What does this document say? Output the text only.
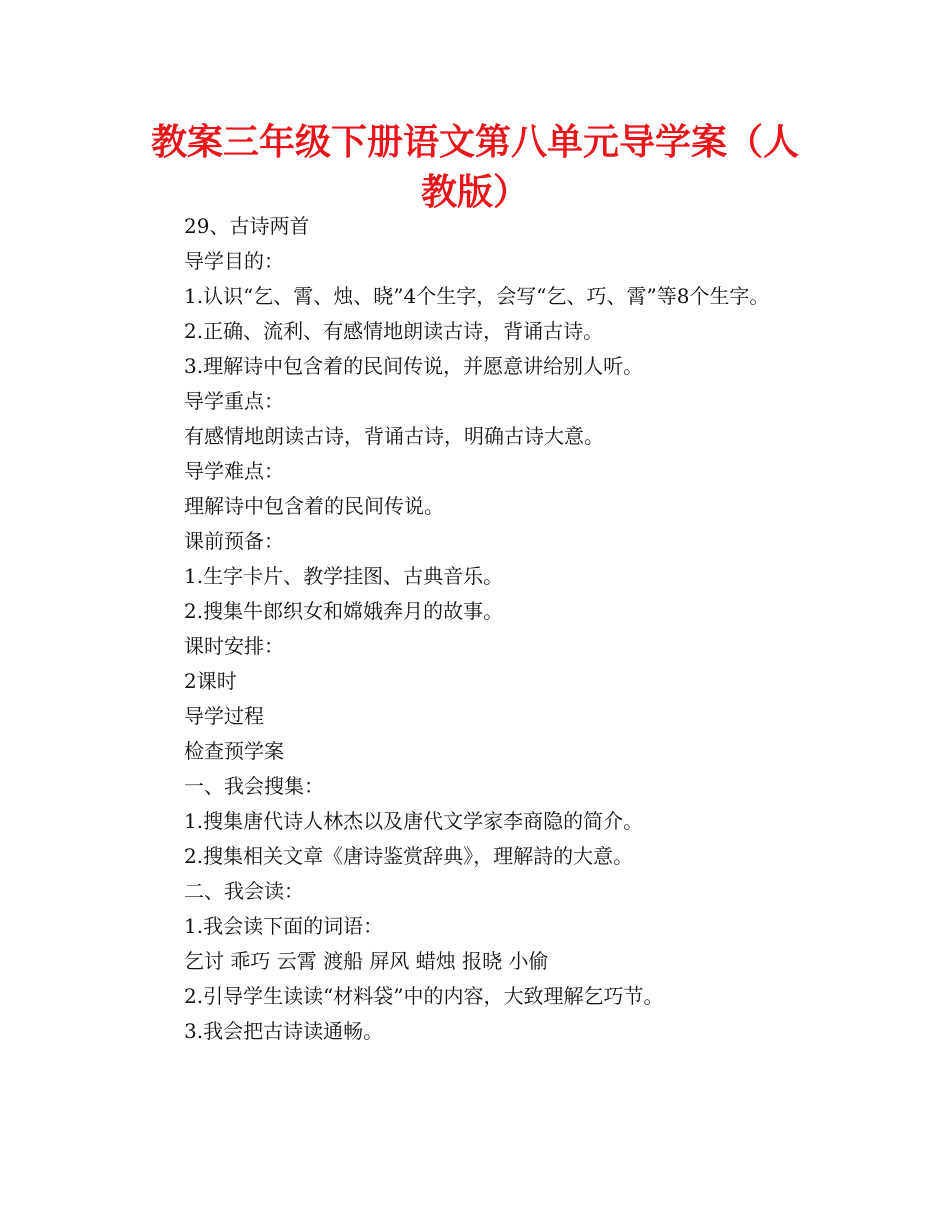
教案三年级下册语文第八单元导学案（人教版）
29、古诗两首
导学目的：
1.认识“乞、霄、烛、晓”4个生字，会写“乞、巧、霄”等8个生字。
2.正确、流利、有感情地朗读古诗，背诵古诗。
3.理解诗中包含着的民间传说，并愿意讲给别人听。
导学重点：
有感情地朗读古诗，背诵古诗，明确古诗大意。
导学难点：
理解诗中包含着的民间传说。
课前预备：
1.生字卡片、教学挂图、古典音乐。
2.搜集牛郎织女和嫦娥奔月的故事。
课时安排：
2课时
导学过程
检查预学案
一、我会搜集：
1.搜集唐代诗人林杰以及唐代文学家李商隐的简介。
2.搜集相关文章《唐诗鉴赏辞典》，理解詩的大意。
二、我会读：
1.我会读下面的词语：
乞讨 乖巧 云霄 渡船 屏风 蜡烛 报晓 小偷
2.引导学生读读“材料袋”中的内容，大致理解乞巧节。
3.我会把古诗读通畅。
